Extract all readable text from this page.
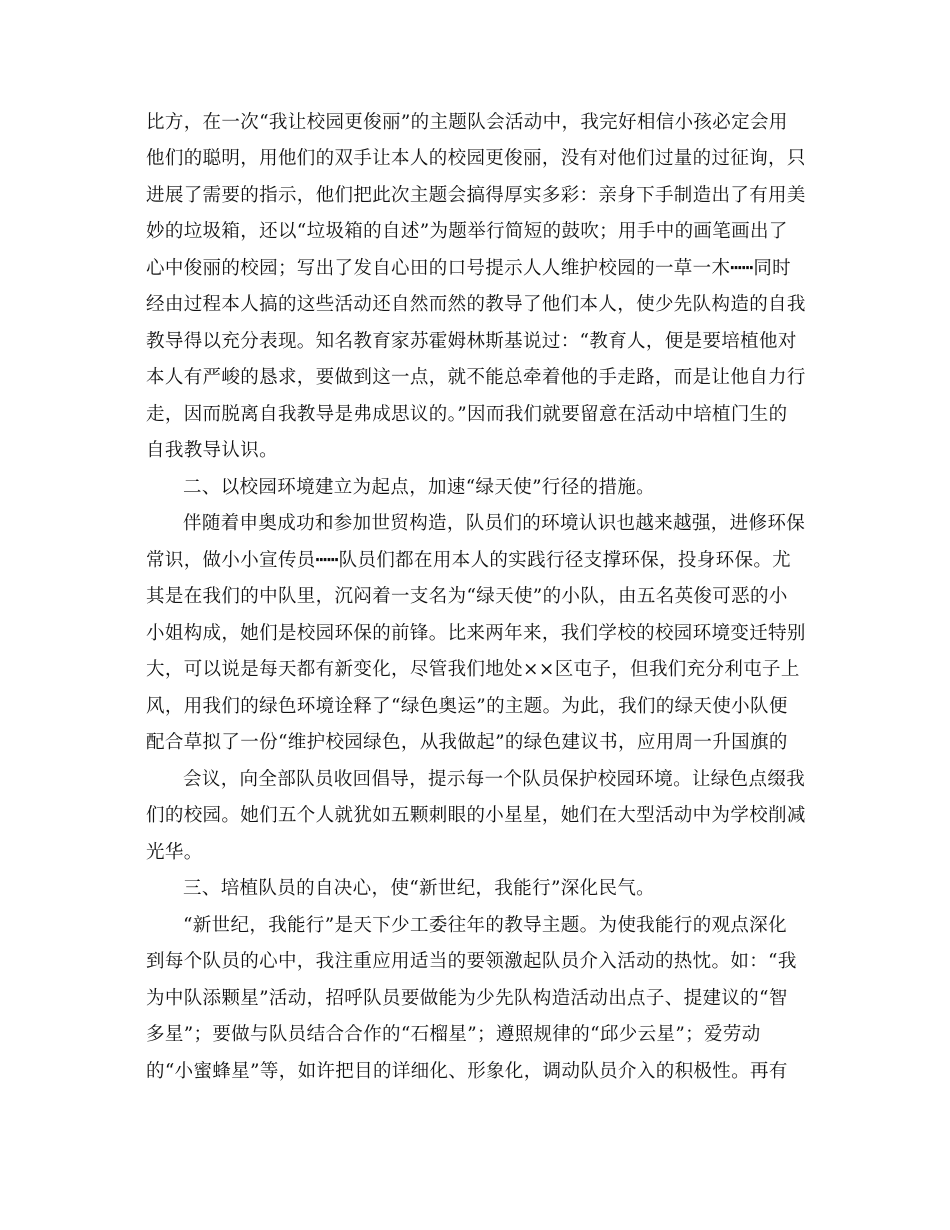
比方，在一次“我让校园更俊丽”的主题队会活动中，我完好相信小孩必定会用
他们的聪明，用他们的双手让本人的校园更俊丽，没有对他们过量的过征询，只
进展了需要的指示，他们把此次主题会搞得厚实多彩：亲身下手制造出了有用美
妙的垃圾箱，还以“垃圾箱的自述”为题举行简短的鼓吹；用手中的画笔画出了
心中俊丽的校园；写出了发自心田的口号提示人人维护校园的一草一木┅┅同时
经由过程本人搞的这些活动还自然而然的教导了他们本人，使少先队构造的自我
教导得以充分表现。知名教育家苏霍姆林斯基说过：“教育人，便是要培植他对
本人有严峻的恳求，要做到这一点，就不能总牵着他的手走路，而是让他自力行
走，因而脱离自我教导是弗成思议的。”因而我们就要留意在活动中培植门生的
自我教导认识。
二、以校园环境建立为起点，加速“绿天使”行径的措施。
伴随着申奥成功和参加世贸构造，队员们的环境认识也越来越强，进修环保
常识，做小小宣传员┅┅队员们都在用本人的实践行径支撑环保，投身环保。尤
其是在我们的中队里，沉闷着一支名为“绿天使”的小队，由五名英俊可恶的小
小姐构成，她们是校园环保的前锋。比来两年来，我们学校的校园环境变迁特别
大，可以说是每天都有新变化，尽管我们地处××区屯子，但我们充分利屯子上
风，用我们的绿色环境诠释了“绿色奥运”的主题。为此，我们的绿天使小队便
配合草拟了一份“维护校园绿色，从我做起”的绿色建议书，应用周一升国旗的
会议，向全部队员收回倡导，提示每一个队员保护校园环境。让绿色点缀我
们的校园。她们五个人就犹如五颗刺眼的小星星，她们在大型活动中为学校削减
光华。
三、培植队员的自决心，使“新世纪，我能行”深化民气。
“新世纪，我能行”是天下少工委往年的教导主题。为使我能行的观点深化
到每个队员的心中，我注重应用适当的要领激起队员介入活动的热忱。如：“我
为中队添颗星”活动，招呼队员要做能为少先队构造活动出点子、提建议的“智
多星”；要做与队员结合合作的“石榴星”；遵照规律的“邱少云星”；爱劳动
的“小蜜蜂星”等，如许把目的详细化、形象化，调动队员介入的积极性。再有
